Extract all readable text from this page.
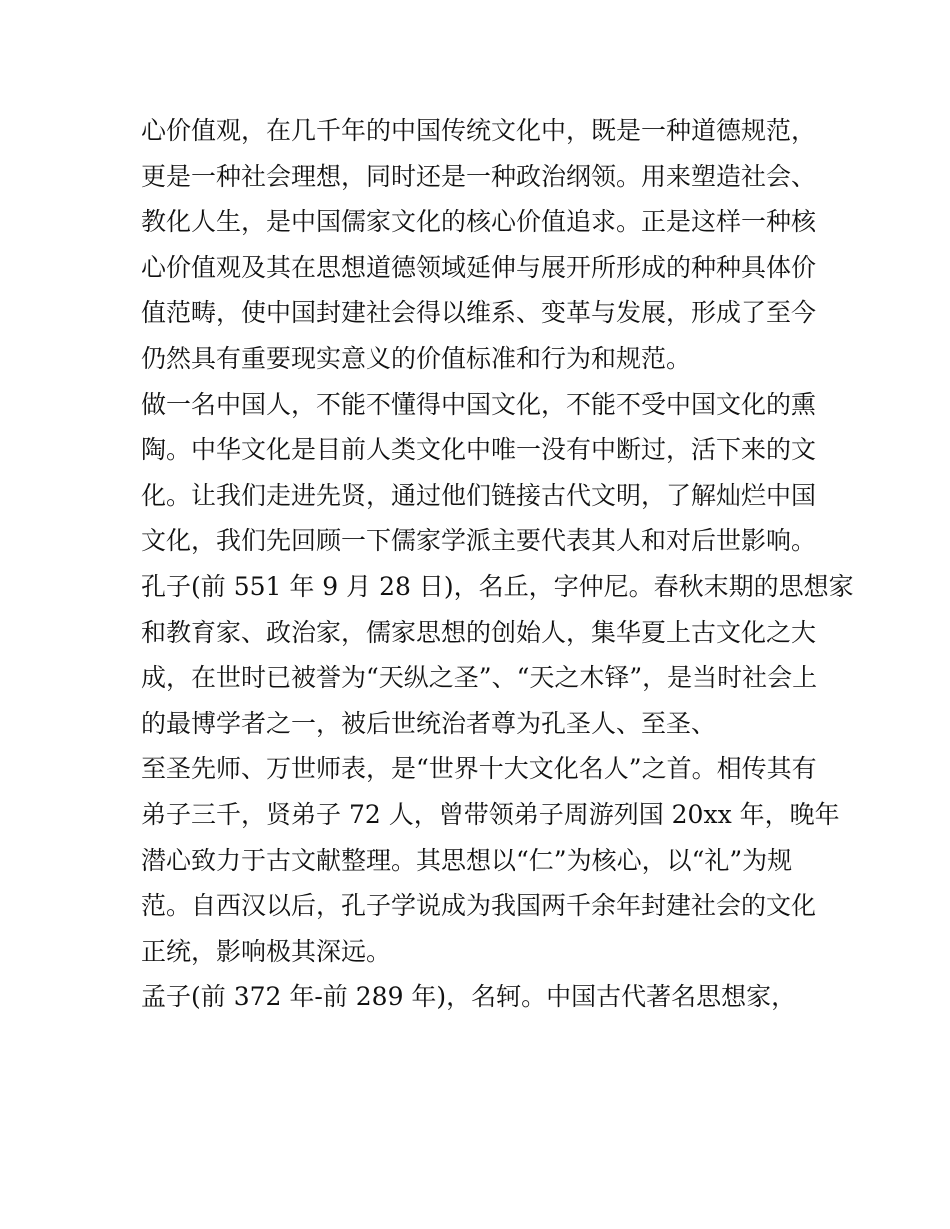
心价值观，在几千年的中国传统文化中，既是一种道德规范，
更是一种社会理想，同时还是一种政治纲领。用来塑造社会、
教化人生，是中国儒家文化的核心价值追求。正是这样一种核
心价值观及其在思想道德领域延伸与展开所形成的种种具体价
值范畴，使中国封建社会得以维系、变革与发展，形成了至今
仍然具有重要现实意义的价值标准和行为和规范。
做一名中国人，不能不懂得中国文化，不能不受中国文化的熏
陶。中华文化是目前人类文化中唯一没有中断过，活下来的文
化。让我们走进先贤，通过他们链接古代文明，了解灿烂中国
文化，我们先回顾一下儒家学派主要代表其人和对后世影响。
孔子(前 551 年 9 月 28 日)，名丘，字仲尼。春秋末期的思想家
和教育家、政治家，儒家思想的创始人，集华夏上古文化之大
成，在世时已被誉为“天纵之圣”、“天之木铎”，是当时社会上
的最博学者之一，被后世统治者尊为孔圣人、至圣、
至圣先师、万世师表，是“世界十大文化名人”之首。相传其有
弟子三千，贤弟子 72 人，曾带领弟子周游列国 20xx 年，晚年
潜心致力于古文献整理。其思想以“仁”为核心，以“礼”为规
范。自西汉以后，孔子学说成为我国两千余年封建社会的文化
正统，影响极其深远。
孟子(前 372 年-前 289 年)，名轲。中国古代著名思想家，
